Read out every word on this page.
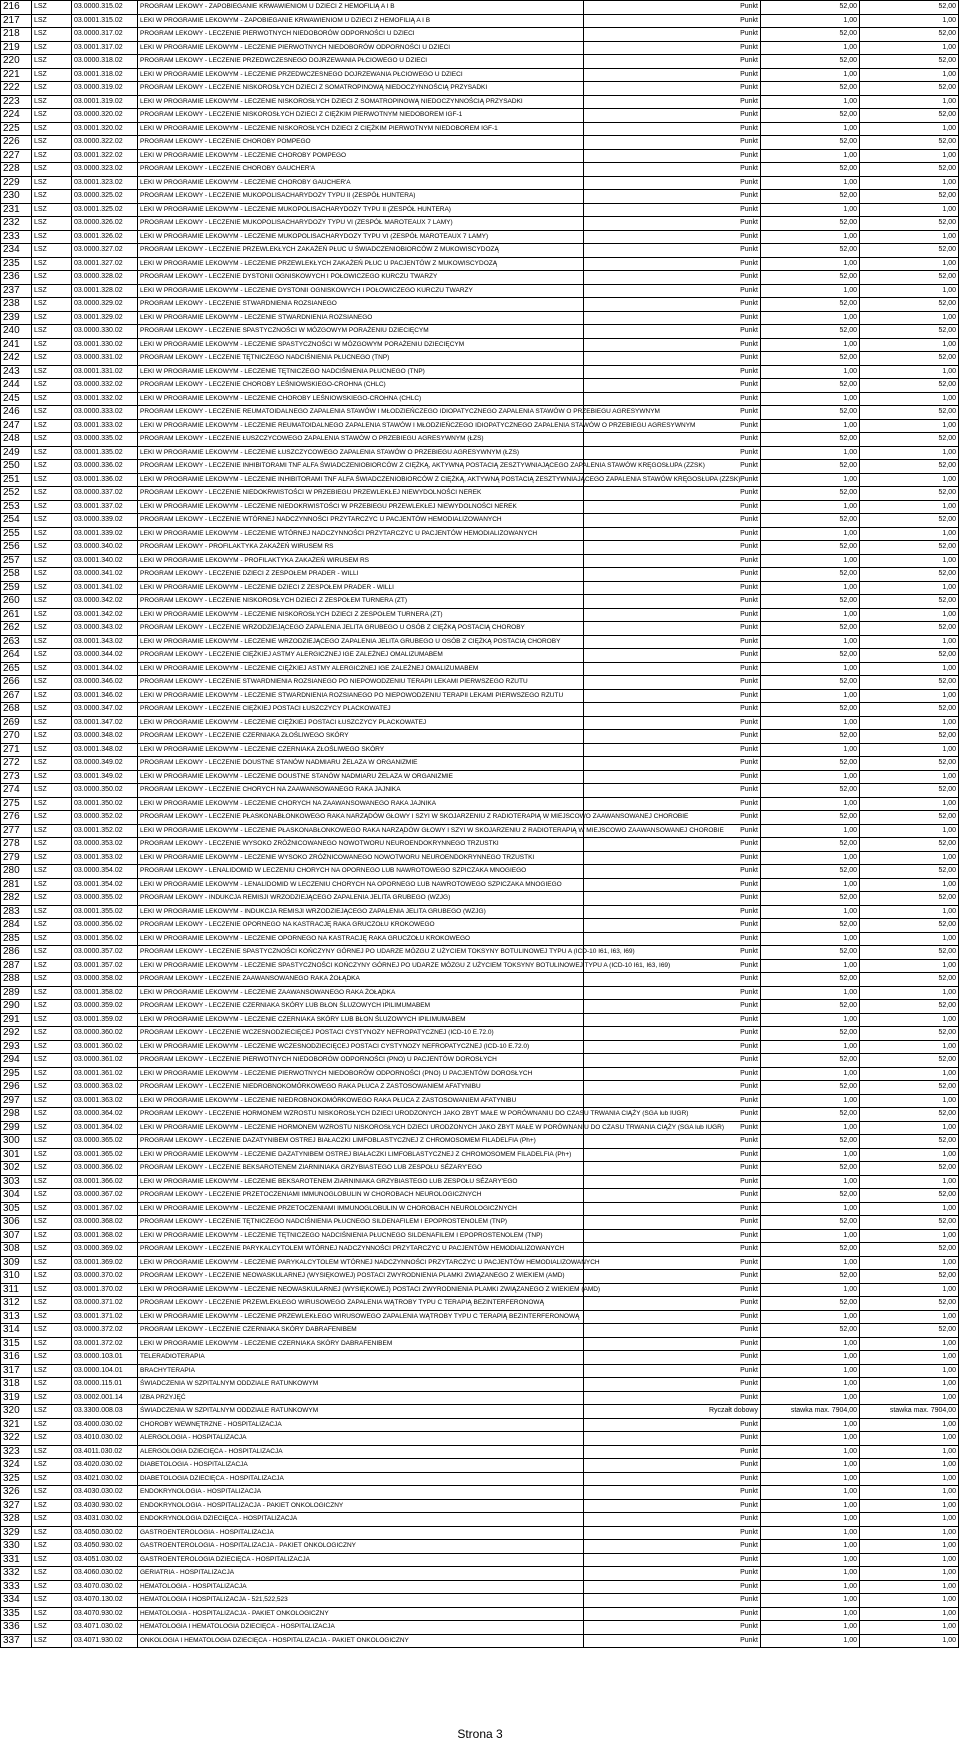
216	LSZ	03.0000.315.02	PROGRAM LEKOWY - ZAPOBIEGANIE KRWAWIENIOM U DZIECI Z HEMOFILIĄ A I B	Punkt	52,00	52,00
217	LSZ	03.0001.315.02	LEKI W PROGRAMIE LEKOWYM - ZAPOBIEGANIE KRWAWIENIOM U DZIECI Z HEMOFILIĄ A I B	Punkt	1,00	1,00
218	LSZ	03.0000.317.02	PROGRAM LEKOWY - LECZENIE PIERWOTNYCH NIEDOBORÓW ODPORNOŚCI U DZIECI	Punkt	52,00	52,00
219	LSZ	03.0001.317.02	LEKI W PROGRAMIE LEKOWYM - LECZENIE PIERWOTNYCH NIEDOBORÓW ODPORNOŚCI U DZIECI	Punkt	1,00	1,00
220	LSZ	03.0000.318.02	PROGRAM LEKOWY - LECZENIE PRZEDWCZESNEGO DOJRZEWANIA PŁCIOWEGO U DZIECI	Punkt	52,00	52,00
221	LSZ	03.0001.318.02	LEKI W PROGRAMIE LEKOWYM - LECZENIE PRZEDWCZESNEGO DOJRZEWANIA PŁCIOWEGO U DZIECI	Punkt	1,00	1,00
222	LSZ	03.0000.319.02	PROGRAM LEKOWY - LECZENIE NISKOROSŁYCH DZIECI Z SOMATROPINOWĄ NIEDOCZYNNOŚCIĄ PRZYSADKI	Punkt	52,00	52,00
223	LSZ	03.0001.319.02	LEKI W PROGRAMIE LEKOWYM - LECZENIE NISKOROSŁYCH DZIECI Z SOMATROPINOWĄ NIEDOCZYNNOŚCIĄ PRZYSADKI	Punkt	1,00	1,00
224	LSZ	03.0000.320.02	PROGRAM LEKOWY - LECZENIE NISKOROSŁYCH DZIECI Z CIĘŻKIM PIERWOTNYM NIEDOBOREM IGF-1	Punkt	52,00	52,00
225	LSZ	03.0001.320.02	LEKI W PROGRAMIE LEKOWYM - LECZENIE NISKOROSŁYCH DZIECI Z CIĘŻKIM PIERWOTNYM NIEDOBOREM IGF-1	Punkt	1,00	1,00
226	LSZ	03.0000.322.02	PROGRAM LEKOWY - LECZENIE CHOROBY POMPEGO	Punkt	52,00	52,00
227	LSZ	03.0001.322.02	LEKI W PROGRAMIE LEKOWYM - LECZENIE CHOROBY POMPEGO	Punkt	1,00	1,00
228	LSZ	03.0000.323.02	PROGRAM LEKOWY - LECZENIE CHOROBY GAUCHER'A	Punkt	52,00	52,00
229	LSZ	03.0001.323.02	LEKI W PROGRAMIE LEKOWYM - LECZENIE CHOROBY GAUCHER'A	Punkt	1,00	1,00
230	LSZ	03.0000.325.02	PROGRAM LEKOWY - LECZENIE MUKOPOLISACHARYDOZY TYPU II (ZESPÓŁ HUNTERA)	Punkt	52,00	52,00
231	LSZ	03.0001.325.02	LEKI W PROGRAMIE LEKOWYM - LECZENIE MUKOPOLISACHARYDOZY TYPU II (ZESPÓŁ HUNTERA)	Punkt	1,00	1,00
232	LSZ	03.0000.326.02	PROGRAM LEKOWY - LECZENIE MUKOPOLISACHARYDOZY TYPU VI (ZESPÓŁ MAROTEAUX 7 LAMY)	Punkt	52,00	52,00
233	LSZ	03.0001.326.02	LEKI W PROGRAMIE LEKOWYM - LECZENIE MUKOPOLISACHARYDOZY TYPU VI (ZESPÓŁ MAROTEAUX 7 LAMY)	Punkt	1,00	1,00
234	LSZ	03.0000.327.02	PROGRAM LEKOWY - LECZENIE PRZEWLEKŁYCH ZAKAŻEŃ PŁUC U ŚWIADCZENIOBIORCÓW Z MUKOWISCYDOZĄ	Punkt	52,00	52,00
235	LSZ	03.0001.327.02	LEKI W PROGRAMIE LEKOWYM - LECZENIE PRZEWLEKŁYCH ZAKAŻEŃ PŁUC U PACJENTÓW Z MUKOWISCYDOZĄ	Punkt	1,00	1,00
236	LSZ	03.0000.328.02	PROGRAM LEKOWY - LECZENIE DYSTONII OGNISKOWYCH I POŁOWICZEGO KURCZU TWARZY	Punkt	52,00	52,00
237	LSZ	03.0001.328.02	LEKI W PROGRAMIE LEKOWYM - LECZENIE DYSTONII OGNISKOWYCH I POŁOWICZEGO KURCZU TWARZY	Punkt	1,00	1,00
238	LSZ	03.0000.329.02	PROGRAM LEKOWY - LECZENIE STWARDNIENIA ROZSIANEGO	Punkt	52,00	52,00
239	LSZ	03.0001.329.02	LEKI W PROGRAMIE LEKOWYM - LECZENIE STWARDNIENIA ROZSIANEGO	Punkt	1,00	1,00
240	LSZ	03.0000.330.02	PROGRAM LEKOWY - LECZENIE SPASTYCZNOŚCI W MÓZGOWYM PORAŻENIU DZIECIĘCYM	Punkt	52,00	52,00
241	LSZ	03.0001.330.02	LEKI W PROGRAMIE LEKOWYM - LECZENIE SPASTYCZNOŚCI W MÓZGOWYM PORAŻENIU DZIECIĘCYM	Punkt	1,00	1,00
242	LSZ	03.0000.331.02	PROGRAM LEKOWY - LECZENIE TĘTNICZEGO NADCIŚNIENIA PŁUCNEGO (TNP)	Punkt	52,00	52,00
243	LSZ	03.0001.331.02	LEKI W PROGRAMIE LEKOWYM - LECZENIE TĘTNICZEGO NADCIŚNIENIA PŁUCNEGO (TNP)	Punkt	1,00	1,00
244	LSZ	03.0000.332.02	PROGRAM LEKOWY - LECZENIE CHOROBY LEŚNIOWSKIEGO-CROHNA (CHLC)	Punkt	52,00	52,00
245	LSZ	03.0001.332.02	LEKI W PROGRAMIE LEKOWYM - LECZENIE CHOROBY LEŚNIOWSKIEGO-CROHNA (CHLC)	Punkt	1,00	1,00
246	LSZ	03.0000.333.02	PROGRAM LEKOWY - LECZENIE REUMATOIDALNEGO ZAPALENIA STAWÓW I MŁODZIEŃCZEGO IDIOPATYCZNEGO ZAPALENIA STAWÓW O PRZEBIEGU AGRESYWNYM	Punkt	52,00	52,00
247	LSZ	03.0001.333.02	LEKI W PROGRAMIE LEKOWYM - LECZENIE REUMATOIDALNEGO ZAPALENIA STAWÓW I MŁODZIEŃCZEGO IDIOPATYCZNEGO ZAPALENIA STAWÓW O PRZEBIEGU AGRESYWNYM	Punkt	1,00	1,00
248	LSZ	03.0000.335.02	PROGRAM LEKOWY - LECZENIE ŁUSZCZYCOWEGO ZAPALENIA STAWÓW O PRZEBIEGU AGRESYWNYM (ŁZS)	Punkt	52,00	52,00
249	LSZ	03.0001.335.02	LEKI W PROGRAMIE LEKOWYM - LECZENIE ŁUSZCZYCOWEGO ZAPALENIA STAWÓW O PRZEBIEGU AGRESYWNYM (ŁZS)	Punkt	1,00	1,00
250	LSZ	03.0000.336.02	PROGRAM LEKOWY - LECZENIE INHIBITORAMI TNF ALFA ŚWIADCZENIOBIORCÓW Z CIĘŻKĄ, AKTYWNĄ POSTACIĄ ZESZTYWNIAJĄCEGO ZAPALENIA STAWÓW KRĘGOSŁUPA (ZZSK)	Punkt	52,00	52,00
251	LSZ	03.0001.336.02	LEKI W PROGRAMIE LEKOWYM - LECZENIE INHIBITORAMI TNF ALFA ŚWIADCZENIOBIORCÓW Z CIĘŻKĄ, AKTYWNĄ POSTACIĄ ZESZTYWNIAJĄCEGO ZAPALENIA STAWÓW KRĘGOSŁUPA (ZZSK)	Punkt	1,00	1,00
252	LSZ	03.0000.337.02	PROGRAM LEKOWY - LECZENIE NIEDOKRWISTOŚCI W PRZEBIEGU PRZEWLEKŁEJ NIEWYDOLNOŚCI NEREK	Punkt	52,00	52,00
253	LSZ	03.0001.337.02	LEKI W PROGRAMIE LEKOWYM - LECZENIE NIEDOKRWISTOŚCI W PRZEBIEGU PRZEWLEKŁEJ NIEWYDOLNOŚCI NEREK	Punkt	1,00	1,00
254	LSZ	03.0000.339.02	PROGRAM LEKOWY - LECZENIE WTÓRNEJ NADCZYNNOŚCI PRZYTARCZYC U PACJENTÓW HEMODIALIZOWANYCH	Punkt	52,00	52,00
255	LSZ	03.0001.339.02	LEKI W PROGRAMIE LEKOWYM - LECZENIE WTÓRNEJ NADCZYNNOŚCI PRZYTARCZYC U PACJENTÓW HEMODIALIZOWANYCH	Punkt	1,00	1,00
256	LSZ	03.0000.340.02	PROGRAM LEKOWY - PROFILAKTYKA ZAKAŻEŃ WIRUSEM RS	Punkt	52,00	52,00
257	LSZ	03.0001.340.02	LEKI W PROGRAMIE LEKOWYM - PROFILAKTYKA ZAKAŻEŃ WIRUSEM RS	Punkt	1,00	1,00
258	LSZ	03.0000.341.02	PROGRAM LEKOWY - LECZENIE DZIECI Z ZESPOŁEM PRADER - WILLI	Punkt	52,00	52,00
259	LSZ	03.0001.341.02	LEKI W PROGRAMIE LEKOWYM - LECZENIE DZIECI Z ZESPOŁEM PRADER - WILLI	Punkt	1,00	1,00
260	LSZ	03.0000.342.02	PROGRAM LEKOWY - LECZENIE NISKOROSŁYCH DZIECI Z ZESPOŁEM TURNERA (ZT)	Punkt	52,00	52,00
261	LSZ	03.0001.342.02	LEKI W PROGRAMIE LEKOWYM - LECZENIE NISKOROSŁYCH DZIECI Z ZESPOŁEM TURNERA (ZT)	Punkt	1,00	1,00
262	LSZ	03.0000.343.02	PROGRAM LEKOWY - LECZENIE WRZODZIEJĄCEGO ZAPALENIA JELITA GRUBEGO U OSÓB Z CIĘŻKĄ POSTACIĄ CHOROBY	Punkt	52,00	52,00
263	LSZ	03.0001.343.02	LEKI W PROGRAMIE LEKOWYM - LECZENIE WRZODZIEJĄCEGO ZAPALENIA JELITA GRUBEGO U OSÓB Z CIĘŻKĄ POSTACIĄ CHOROBY	Punkt	1,00	1,00
264	LSZ	03.0000.344.02	PROGRAM LEKOWY - LECZENIE CIĘŻKIEJ ASTMY ALERGICZNEJ IGE ZALEŻNEJ OMALIZUMABEM	Punkt	52,00	52,00
265	LSZ	03.0001.344.02	LEKI W PROGRAMIE LEKOWYM - LECZENIE CIĘŻKIEJ ASTMY ALERGICZNEJ IGE ZALEŻNEJ OMALIZUMABEM	Punkt	1,00	1,00
266	LSZ	03.0000.346.02	PROGRAM LEKOWY - LECZENIE STWARDNIENIA ROZSIANEGO PO NIEPOWODZENIU TERAPII LEKAMI PIERWSZEGO RZUTU	Punkt	52,00	52,00
267	LSZ	03.0001.346.02	LEKI W PROGRAMIE LEKOWYM - LECZENIE STWARDNIENIA ROZSIANEGO PO NIEPOWODZENIU TERAPII LEKAMI PIERWSZEGO RZUTU	Punkt	1,00	1,00
268	LSZ	03.0000.347.02	PROGRAM LEKOWY - LECZENIE CIĘŻKIEJ POSTACI ŁUSZCZYCY PLACKOWATEJ	Punkt	52,00	52,00
269	LSZ	03.0001.347.02	LEKI W PROGRAMIE LEKOWYM - LECZENIE CIĘŻKIEJ POSTACI ŁUSZCZYCY PLACKOWATEJ	Punkt	1,00	1,00
270	LSZ	03.0000.348.02	PROGRAM LEKOWY - LECZENIE CZERNIAKA ZŁOŚLIWEGO SKÓRY	Punkt	52,00	52,00
271	LSZ	03.0001.348.02	LEKI W PROGRAMIE LEKOWYM - LECZENIE CZERNIAKA ZŁOŚLIWEGO SKÓRY	Punkt	1,00	1,00
272	LSZ	03.0000.349.02	PROGRAM LEKOWY - LECZENIE DOUSTNE STANÓW NADMIARU ŻELAZA W ORGANIZMIE	Punkt	52,00	52,00
273	LSZ	03.0001.349.02	LEKI W PROGRAMIE LEKOWYM - LECZENIE DOUSTNE STANÓW NADMIARU ŻELAZA W ORGANIZMIE	Punkt	1,00	1,00
274	LSZ	03.0000.350.02	PROGRAM LEKOWY - LECZENIE CHORYCH NA ZAAWANSOWANEGO RAKA JAJNIKA	Punkt	52,00	52,00
275	LSZ	03.0001.350.02	LEKI W PROGRAMIE LEKOWYM - LECZENIE CHORYCH NA ZAAWANSOWANEGO RAKA JAJNIKA	Punkt	1,00	1,00
276	LSZ	03.0000.352.02	PROGRAM LEKOWY - LECZENIE PŁASKONABŁONKOWEGO RAKA NARZĄDÓW GŁOWY I SZYI W SKOJARZENIU Z RADIOTERAPIĄ W MIEJSCOWO ZAAWANSOWANEJ CHOROBIE	Punkt	52,00	52,00
277	LSZ	03.0001.352.02	LEKI W PROGRAMIE LEKOWYM - LECZENIE PŁASKONABŁONKOWEGO RAKA NARZĄDÓW GŁOWY I SZYI W SKOJARZENIU Z RADIOTERAPIĄ W MIEJSCOWO ZAAWANSOWANEJ CHOROBIE	Punkt	1,00	1,00
278	LSZ	03.0000.353.02	PROGRAM LEKOWY - LECZENIE WYSOKO ZRÓŻNICOWANEGO NOWOTWORU NEUROENDOKRYNNEGO TRZUSTKI	Punkt	52,00	52,00
279	LSZ	03.0001.353.02	LEKI W PROGRAMIE LEKOWYM - LECZENIE WYSOKO ZRÓŻNICOWANEGO NOWOTWORU NEUROENDOKRYNNEGO TRZUSTKI	Punkt	1,00	1,00
280	LSZ	03.0000.354.02	PROGRAM LEKOWY - LENALIDOMID W LECZENIU CHORYCH NA OPORNEGO LUB NAWROTOWEGO SZPICZAKA MNOGIEGO	Punkt	52,00	52,00
281	LSZ	03.0001.354.02	LEKI W PROGRAMIE LEKOWYM - LENALIDOMID W LECZENIU CHORYCH NA OPORNEGO LUB NAWROTOWEGO SZPICZAKA MNOGIEGO	Punkt	1,00	1,00
282	LSZ	03.0000.355.02	PROGRAM LEKOWY - INDUKCJA REMISJI WRZODZIEJĄCEGO ZAPALENIA JELITA GRUBEGO (WZJG)	Punkt	52,00	52,00
283	LSZ	03.0001.355.02	LEKI W PROGRAMIE LEKOWYM - INDUKCJA REMISJI WRZODZIEJĄCEGO ZAPALENIA JELITA GRUBEGO (WZJG)	Punkt	1,00	1,00
284	LSZ	03.0000.356.02	PROGRAM LEKOWY - LECZENIE OPORNEGO NA KASTRACJĘ RAKA GRUCZOŁU KROKOWEGO	Punkt	52,00	52,00
285	LSZ	03.0001.356.02	LEKI W PROGRAMIE LEKOWYM - LECZENIE OPORNEGO NA KASTRACJĘ RAKA GRUCZOŁU KROKOWEGO	Punkt	1,00	1,00
286	LSZ	03.0000.357.02	PROGRAM LEKOWY - LECZENIE SPASTYCZNOŚCI KOŃCZYNY GÓRNEJ PO UDARZE MÓZGU Z UŻYCIEM TOKSYNY BOTULINOWEJ TYPU A (ICD-10 I61, I63, I69)	Punkt	52,00	52,00
287	LSZ	03.0001.357.02	LEKI W PROGRAMIE LEKOWYM - LECZENIE SPASTYCZNOŚCI KOŃCZYNY GÓRNEJ PO UDARZE MÓZGU Z UŻYCIEM TOKSYNY BOTULINOWEJ TYPU A (ICD-10 I61, I63, I69)	Punkt	1,00	1,00
288	LSZ	03.0000.358.02	PROGRAM LEKOWY - LECZENIE ZAAWANSOWANEGO RAKA ŻOŁĄDKA	Punkt	52,00	52,00
289	LSZ	03.0001.358.02	LEKI W PROGRAMIE LEKOWYM - LECZENIE ZAAWANSOWANEGO RAKA ŻOŁĄDKA	Punkt	1,00	1,00
290	LSZ	03.0000.359.02	PROGRAM LEKOWY - LECZENIE CZERNIAKA SKÓRY LUB BŁON ŚLUZOWYCH IPILIMUMABEM	Punkt	52,00	52,00
291	LSZ	03.0001.359.02	LEKI W PROGRAMIE LEKOWYM - LECZENIE CZERNIAKA SKÓRY LUB BŁON ŚLUZOWYCH IPILIMUMABEM	Punkt	1,00	1,00
292	LSZ	03.0000.360.02	PROGRAM LEKOWY - LECZENIE WCZESNODZIECIĘCEJ POSTACI CYSTYNOZY NEFROPATYCZNEJ (ICD-10 E.72.0)	Punkt	52,00	52,00
293	LSZ	03.0001.360.02	LEKI W PROGRAMIE LEKOWYM - LECZENIE WCZESNODZIECIĘCEJ POSTACI CYSTYNOZY NEFROPATYCZNEJ (ICD-10 E.72.0)	Punkt	1,00	1,00
294	LSZ	03.0000.361.02	PROGRAM LEKOWY - LECZENIE PIERWOTNYCH NIEDOBORÓW ODPORNOŚCI (PNO) U PACJENTÓW DOROSŁYCH	Punkt	52,00	52,00
295	LSZ	03.0001.361.02	LEKI W PROGRAMIE LEKOWYM - LECZENIE PIERWOTNYCH NIEDOBORÓW ODPORNOŚCI (PNO) U PACJENTÓW DOROSŁYCH	Punkt	1,00	1,00
296	LSZ	03.0000.363.02	PROGRAM LEKOWY - LECZENIE NIEDROBNOKOMÓRKOWEGO RAKA PŁUCA Z ZASTOSOWANIEM AFATYNIBU	Punkt	52,00	52,00
297	LSZ	03.0001.363.02	LEKI W PROGRAMIE LEKOWYM - LECZENIE NIEDROBNOKOMÓRKOWEGO RAKA PŁUCA Z ZASTOSOWANIEM AFATYNIBU	Punkt	1,00	1,00
298	LSZ	03.0000.364.02	PROGRAM LEKOWY - LECZENIE HORMONEM WZROSTU NISKOROSŁYCH DZIECI URODZONYCH JAKO ZBYT MAŁE W PORÓWNANIU DO CZASU TRWANIA CIĄŻY (SGA lub IUGR)	Punkt	52,00	52,00
299	LSZ	03.0001.364.02	LEKI W PROGRAMIE LEKOWYM - LECZENIE HORMONEM WZROSTU NISKOROSŁYCH DZIECI URODZONYCH JAKO ZBYT MAŁE W PORÓWNANIU DO CZASU TRWANIA CIĄŻY (SGA lub IUGR)	Punkt	1,00	1,00
300	LSZ	03.0000.365.02	PROGRAM LEKOWY - LECZENIE DAZATYNIBEM OSTREJ BIAŁACZKI LIMFOBLASTYCZNEJ Z CHROMOSOMEM FILADELFIA (Ph+)	Punkt	52,00	52,00
301	LSZ	03.0001.365.02	LEKI W PROGRAMIE LEKOWYM - LECZENIE DAZATYNIBEM OSTREJ BIAŁACZKI LIMFOBLASTYCZNEJ Z CHROMOSOMEM FILADELFIA (Ph+)	Punkt	1,00	1,00
302	LSZ	03.0000.366.02	PROGRAM LEKOWY - LECZENIE BEKSAROTENEM ZIARNINIAKA GRZYBIASTEGO LUB ZESPOŁU SÉZARY'EGO	Punkt	52,00	52,00
303	LSZ	03.0001.366.02	LEKI W PROGRAMIE LEKOWYM - LECZENIE BEKSAROTENEM ZIARNINIAKA GRZYBIASTEGO LUB ZESPOŁU SÉZARY'EGO	Punkt	1,00	1,00
304	LSZ	03.0000.367.02	PROGRAM LEKOWY - LECZENIE PRZETOCZENIAMI IMMUNOGLOBULIN W CHOROBACH NEUROLOGICZNYCH	Punkt	52,00	52,00
305	LSZ	03.0001.367.02	LEKI W PROGRAMIE LEKOWYM - LECZENIE PRZETOCZENIAMI IMMUNOGLOBULIN W CHOROBACH NEUROLOGICZNYCH	Punkt	1,00	1,00
306	LSZ	03.0000.368.02	PROGRAM LEKOWY - LECZENIE TĘTNICZEGO NADCIŚNIENIA PŁUCNEGO SILDENAFILEM I EPOPROSTENOLEM (TNP)	Punkt	52,00	52,00
307	LSZ	03.0001.368.02	LEKI W PROGRAMIE LEKOWYM - LECZENIE TĘTNICZEGO NADCIŚNIENIA PŁUCNEGO SILDENAFILEM I EPOPROSTENOLEM (TNP)	Punkt	1,00	1,00
308	LSZ	03.0000.369.02	PROGRAM LEKOWY - LECZENIE PARYKALCYTOLEM WTÓRNEJ NADCZYNNOŚCI PRZYTARCZYC U PACJENTÓW HEMODIALIZOWANYCH	Punkt	52,00	52,00
309	LSZ	03.0001.369.02	LEKI W PROGRAMIE LEKOWYM - LECZENIE PARYKALCYTOLEM WTÓRNEJ NADCZYNNOŚCI PRZYTARCZYC U PACJENTÓW HEMODIALIZOWANYCH	Punkt	1,00	1,00
310	LSZ	03.0000.370.02	PROGRAM LEKOWY - LECZENIE NEOWASKULARNEJ (WYSIĘKOWEJ) POSTACI ZWYRODNIENIA PLAMKI ZWIĄZANEGO Z WIEKIEM (AMD)	Punkt	52,00	52,00
311	LSZ	03.0001.370.02	LEKI W PROGRAMIE LEKOWYM - LECZENIE NEOWASKULARNEJ (WYSIĘKOWEJ) POSTACI ZWYRODNIENIA PLAMKI ZWIĄZANEGO Z WIEKIEM (AMD)	Punkt	1,00	1,00
312	LSZ	03.0000.371.02	PROGRAM LEKOWY - LECZENIE PRZEWLEKŁEGO WIRUSOWEGO ZAPALENIA WĄTROBY TYPU C TERAPIĄ BEZINTERFERONOWĄ	Punkt	52,00	52,00
313	LSZ	03.0001.371.02	LEKI W PROGRAMIE LEKOWYM - LECZENIE PRZEWLEKŁEGO WIRUSOWEGO ZAPALENIA WĄTROBY TYPU C TERAPIĄ BEZINTERFERONOWĄ	Punkt	1,00	1,00
314	LSZ	03.0000.372.02	PROGRAM LEKOWY - LECZENIE CZERNIAKA SKÓRY DABRAFENIBEM	Punkt	52,00	52,00
315	LSZ	03.0001.372.02	LEKI W PROGRAMIE LEKOWYM - LECZENIE CZERNIAKA SKÓRY DABRAFENIBEM	Punkt	1,00	1,00
316	LSZ	03.0000.103.01	TELERADIOTERAPIA	Punkt	1,00	1,00
317	LSZ	03.0000.104.01	BRACHYTERAPIA	Punkt	1,00	1,00
318	LSZ	03.0000.115.01	ŚWIADCZENIA W SZPITALNYM ODDZIALE RATUNKOWYM	Punkt	1,00	1,00
319	LSZ	03.0002.001.14	IZBA PRZYJĘĆ	Punkt	1,00	1,00
320	LSZ	03.3300.008.03	ŚWIADCZENIA W SZPITALNYM ODDZIALE RATUNKOWYM	Ryczałt dobowy	stawka max. 7904,00	stawka max. 7904,00
321	LSZ	03.4000.030.02	CHOROBY WEWNĘTRZNE - HOSPITALIZACJA	Punkt	1,00	1,00
322	LSZ	03.4010.030.02	ALERGOLOGIA - HOSPITALIZACJA	Punkt	1,00	1,00
323	LSZ	03.4011.030.02	ALERGOLOGIA DZIECIĘCA - HOSPITALIZACJA	Punkt	1,00	1,00
324	LSZ	03.4020.030.02	DIABETOLOGIA - HOSPITALIZACJA	Punkt	1,00	1,00
325	LSZ	03.4021.030.02	DIABETOLOGIA DZIECIĘCA - HOSPITALIZACJA	Punkt	1,00	1,00
326	LSZ	03.4030.030.02	ENDOKRYNOLOGIA - HOSPITALIZACJA	Punkt	1,00	1,00
327	LSZ	03.4030.930.02	ENDOKRYNOLOGIA - HOSPITALIZACJA - PAKIET ONKOLOGICZNY	Punkt	1,00	1,00
328	LSZ	03.4031.030.02	ENDOKRYNOLOGIA DZIECIĘCA - HOSPITALIZACJA	Punkt	1,00	1,00
329	LSZ	03.4050.030.02	GASTROENTEROLOGIA - HOSPITALIZACJA	Punkt	1,00	1,00
330	LSZ	03.4050.930.02	GASTROENTEROLOGIA - HOSPITALIZACJA - PAKIET ONKOLOGICZNY	Punkt	1,00	1,00
331	LSZ	03.4051.030.02	GASTROENTEROLOGIA DZIECIĘCA - HOSPITALIZACJA	Punkt	1,00	1,00
332	LSZ	03.4060.030.02	GERIATRIA - HOSPITALIZACJA	Punkt	1,00	1,00
333	LSZ	03.4070.030.02	HEMATOLOGIA - HOSPITALIZACJA	Punkt	1,00	1,00
334	LSZ	03.4070.130.02	HEMATOLOGIA I HOSPITALIZACJA - 521,522,523	Punkt	1,00	1,00
335	LSZ	03.4070.930.02	HEMATOLOGIA - HOSPITALIZACJA - PAKIET ONKOLOGICZNY	Punkt	1,00	1,00
336	LSZ	03.4071.030.02	HEMATOLOGIA I HEMATOLOGIA DZIECIĘCA - HOSPITALIZACJA	Punkt	1,00	1,00
337	LSZ	03.4071.930.02	ONKOLOGIA I HEMATOLOGIA DZIECIĘCA - HOSPITALIZACJA - PAKIET ONKOLOGICZNY	Punkt	1,00	1,00
Strona 3
